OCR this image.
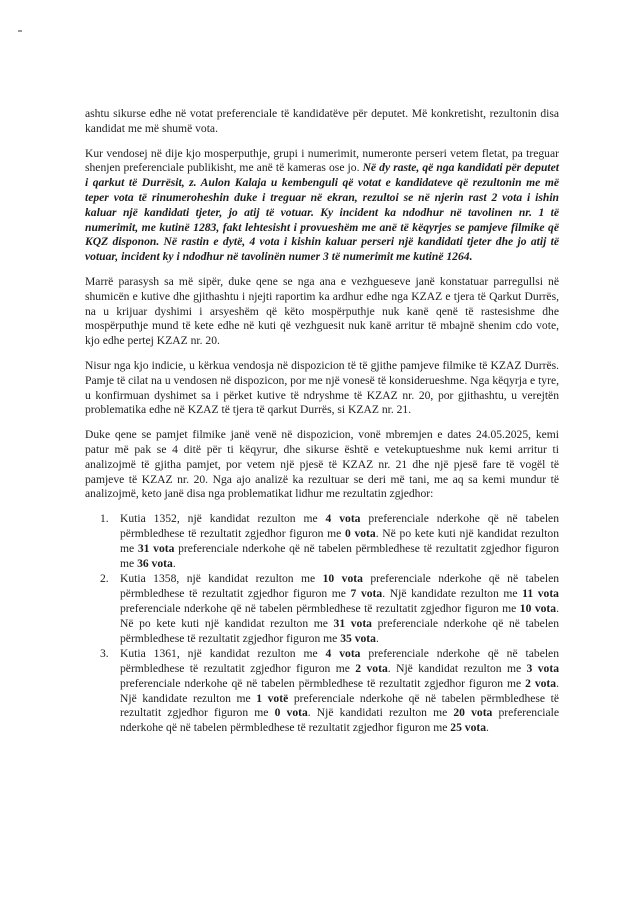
ashtu sikurse edhe në votat preferenciale të kandidatëve për deputet. Më konkretisht, rezultonin disa kandidat me më shumë vota.

Kur vendosej në dije kjo mosperputhje, grupi i numerimit, numeronte perseri vetem fletat, pa treguar shenjen preferenciale publikisht, me anë të kameras ose jo. Në dy raste, që nga kandidati për deputet i qarkut të Durrësit, z. Aulon Kalaja u kembenguli që votat e kandidateve që rezultonin me më teper vota të rinumeroheshin duke i treguar në ekran, rezultoi se në njerin rast 2 vota i ishin kaluar një kandidati tjeter, jo atij të votuar. Ky incident ka ndodhur në tavolinen nr. 1 të numerimit, me kutinë 1283, fakt lehtesisht i provueshëm me anë të këqyrjes se pamjeve filmike që KQZ disponon. Në rastin e dytë, 4 vota i kishin kaluar perseri një kandidati tjeter dhe jo atij të votuar, incident ky i ndodhur në tavolinën numer 3 të numerimit me kutinë 1264.

Marrë parasysh sa më sipër, duke qene se nga ana e vezhgueseve janë konstatuar parregullsi në shumicën e kutive dhe gjithashtu i njejti raportim ka ardhur edhe nga KZAZ e tjera të Qarkut Durrës, na u krijuar dyshimi i arsyeshëm që këto mospërputhje nuk kanë qenë të rastesishme dhe mospërputhje mund të kete edhe në kuti që vezhguesit nuk kanë arritur të mbajnë shenim cdo vote, kjo edhe pertej KZAZ nr. 20.

Nisur nga kjo indicie, u kërkua vendosja në dispozicion të të gjithe pamjeve filmike të KZAZ Durrës. Pamje të cilat na u vendosen në dispozicon, por me një vonesë të konsiderueshme. Nga këqyrja e tyre, u konfirmuan dyshimet sa i përket kutive të ndryshme të KZAZ nr. 20, por gjithashtu, u verejtën problematika edhe në KZAZ të tjera të qarkut Durrës, si KZAZ nr. 21.

Duke qene se pamjet filmike janë venë në dispozicion, vonë mbremjen e dates 24.05.2025, kemi patur më pak se 4 ditë për ti këqyrur, dhe sikurse është e vetekuptueshme nuk kemi arritur ti analizojmë të gjitha pamjet, por vetem një pjesë të KZAZ nr. 21 dhe një pjesë fare të vogël të pamjeve të KZAZ nr. 20. Nga ajo analizë ka rezultuar se deri më tani, me aq sa kemi mundur të analizojmë, keto janë disa nga problematikat lidhur me rezultatin zgjedhor:

1. Kutia 1352, një kandidat rezulton me 4 vota preferenciale nderkohe që në tabelen përmbledhese të rezultatit zgjedhor figuron me 0 vota. Në po kete kuti një kandidat rezulton me 31 vota preferenciale nderkohe që në tabelen përmbledhese të rezultatit zgjedhor figuron me 36 vota.
2. Kutia 1358, një kandidat rezulton me 10 vota preferenciale nderkohe që në tabelen përmbledhese të rezultatit zgjedhor figuron me 7 vota. Një kandidate rezulton me 11 vota preferenciale nderkohe që në tabelen përmbledhese të rezultatit zgjedhor figuron me 10 vota. Në po kete kuti një kandidat rezulton me 31 vota preferenciale nderkohe që në tabelen përmbledhese të rezultatit zgjedhor figuron me 35 vota.
3. Kutia 1361, një kandidat rezulton me 4 vota preferenciale nderkohe që në tabelen përmbledhese të rezultatit zgjedhor figuron me 2 vota. Një kandidat rezulton me 3 vota preferenciale nderkohe që në tabelen përmbledhese të rezultatit zgjedhor figuron me 2 vota. Një kandidate rezulton me 1 votë preferenciale nderkohe që në tabelen përmbledhese të rezultatit zgjedhor figuron me 0 vota. Një kandidati rezulton me 20 vota preferenciale nderkohe që në tabelen përmbledhese të rezultatit zgjedhor figuron me 25 vota.
